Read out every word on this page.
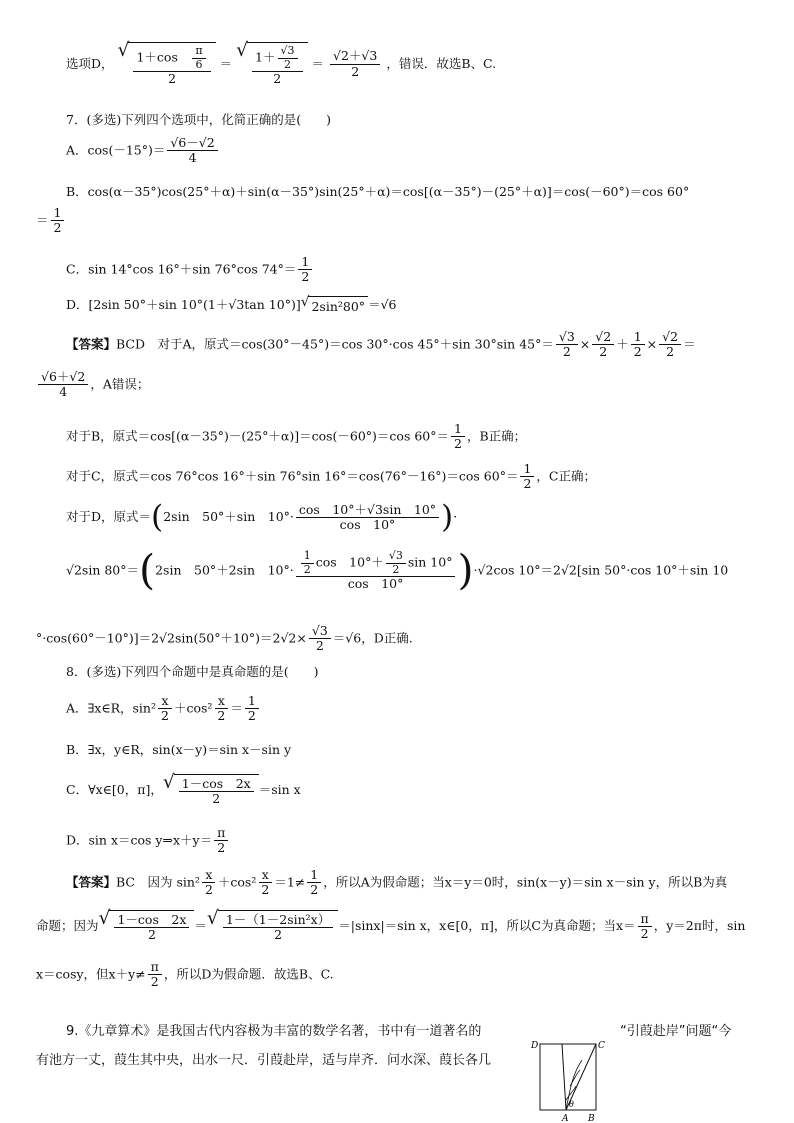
选项D，
√ $\frac{1+\cos \frac{\pi}{6}}{2}$ ＝
√ $\frac{1+ \frac{√3}{2}}{2} = \frac{√2+√3}{2}$ ，错误．故选B、C.
7．(多选)下列四个选项中，化简正确的是(　　)
A．$\cos(-15^\circ)= \frac{√6-√2}{4}$
B．cos(α－35°)cos(25°＋α)＋sin(α－35°)sin(25°＋α)＝cos[(α－35°)－(25°＋α)]＝cos(－60°)＝cos 60°
＝ $\frac{1}{2}$
C．sin 14°cos 16°＋sin 76°cos $74^\circ= \frac{1}{2}$
D．[2sin 50°＋sin 10°(1＋√3tan 10°)] √ 2sin²80° ＝√6
【答案】BCD　对于A，原式＝cos(30°－45°)＝cos 30°·cos 45°＋sin 30°sin $45^\circ= \frac{√3}{2} \times \frac{√2}{2} + \frac{1}{2} \times \frac{√2}{2}$ ＝
$\frac{√6+√2}{4}$ ，A错误；
对于B，原式＝cos[(α－35°)－(25°＋α)]＝cos(－60°)＝cos $60^\circ= \frac{1}{2}$ ，B正确；
对于C，原式＝cos 76°cos 16°＋sin 76°sin 16°＝cos(76°－16°)＝cos $60^\circ= \frac{1}{2}$ ，C正确；
对于D，原式＝(2sin　50°＋sin　$10^\circ\cdot \frac{\cos 10^\circ+√3\sin 10^\circ}{\cos 10^\circ}$ )·
√2sin 80°＝(2sin　50°＋2sin　$10^\circ\cdot \frac{\frac{1}{2} \cos 10^\circ+ \frac{√3}{2} \sin 10^\circ}{\cos 10^\circ} )\cdot√2\cos$ 10°＝2√2[sin 50°·cos 10°＋sin 10
$^\circ\cdot\cos(60^\circ-10^\circ)]=2√2\sin(50^\circ+10^\circ)=2√2\times \frac{√3}{2} =√6$，D正确.
8．(多选)下列四个命题中是真命题的是(　　)
A．∃x∈R，$\sin^2 \frac{x}{2} +\cos^2 \frac{x}{2} = \frac{1}{2}$
B．∃x，y∈R，sin(x－y)＝sin x－sin y
C．∀x∈[0，π]， √ $\frac{1-\cos 2x}{2} =\sin$ x
D．sin x＝cos y⇒x＋y＝ $\frac{\pi}{2}$
【答案】BC　因为 $\sin^2 \frac{x}{2} +\cos^2 \frac{x}{2} =1\ne \frac{1}{2}$ ，所以A为假命题；当x＝y＝0时，sin(x－y)＝sin x－sin y，所以B为真
命题；因为 √ $\frac{1-\cos 2x}{2}$ ＝ √ $\frac{\text{1－（1－2sin²x）}}{2} =|\sin x|=\sin$ x，x∈[0，π]，所以C为真命题；当$x= \frac{\pi}{2}$ ，y＝2π时，sin
x＝cosy，但$x+y\ne \frac{\pi}{2}$ ，所以D为假命题．故选B、C.
9.《九章算术》是我国古代内容极为丰富的数学名著，书中有一道著名的	“引葭赴岸”问题“今
有池方一丈，葭生其中央，出水一尺．引葭赴岸，适与岸齐．问水深、葭长各几
D	C
A B
θ
